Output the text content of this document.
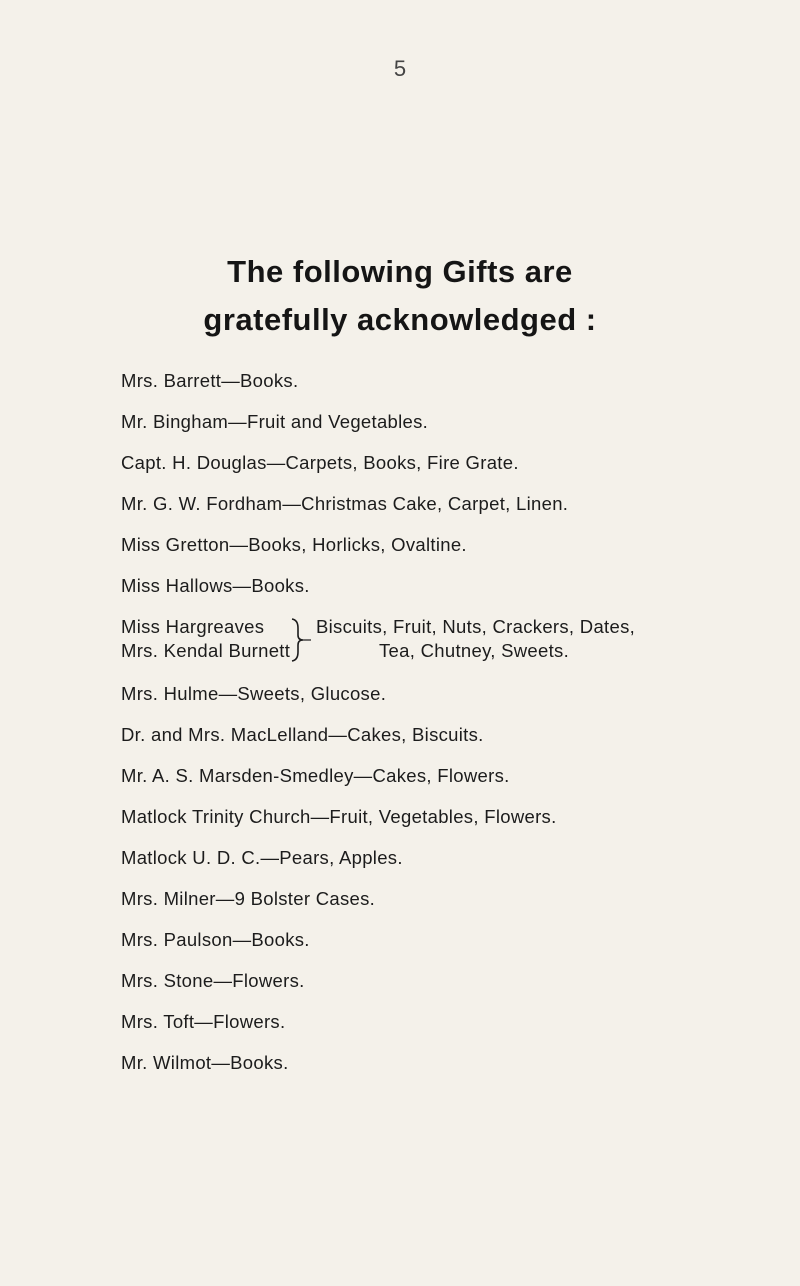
5
The following Gifts are
gratefully acknowledged :
Mrs. Barrett—Books.
Mr. Bingham—Fruit and Vegetables.
Capt. H. Douglas—Carpets, Books, Fire Grate.
Mr. G. W. Fordham—Christmas Cake, Carpet, Linen.
Miss Gretton—Books, Horlicks, Ovaltine.
Miss Hallows—Books.
Miss Hargreaves
Mrs. Kendal Burnett
Biscuits, Fruit, Nuts, Crackers, Dates,
Tea, Chutney, Sweets.
Mrs. Hulme—Sweets, Glucose.
Dr. and Mrs. MacLelland—Cakes, Biscuits.
Mr. A. S. Marsden-Smedley—Cakes, Flowers.
Matlock Trinity Church—Fruit, Vegetables, Flowers.
Matlock U. D. C.—Pears, Apples.
Mrs. Milner—9 Bolster Cases.
Mrs. Paulson—Books.
Mrs. Stone—Flowers.
Mrs. Toft—Flowers.
Mr. Wilmot—Books.
